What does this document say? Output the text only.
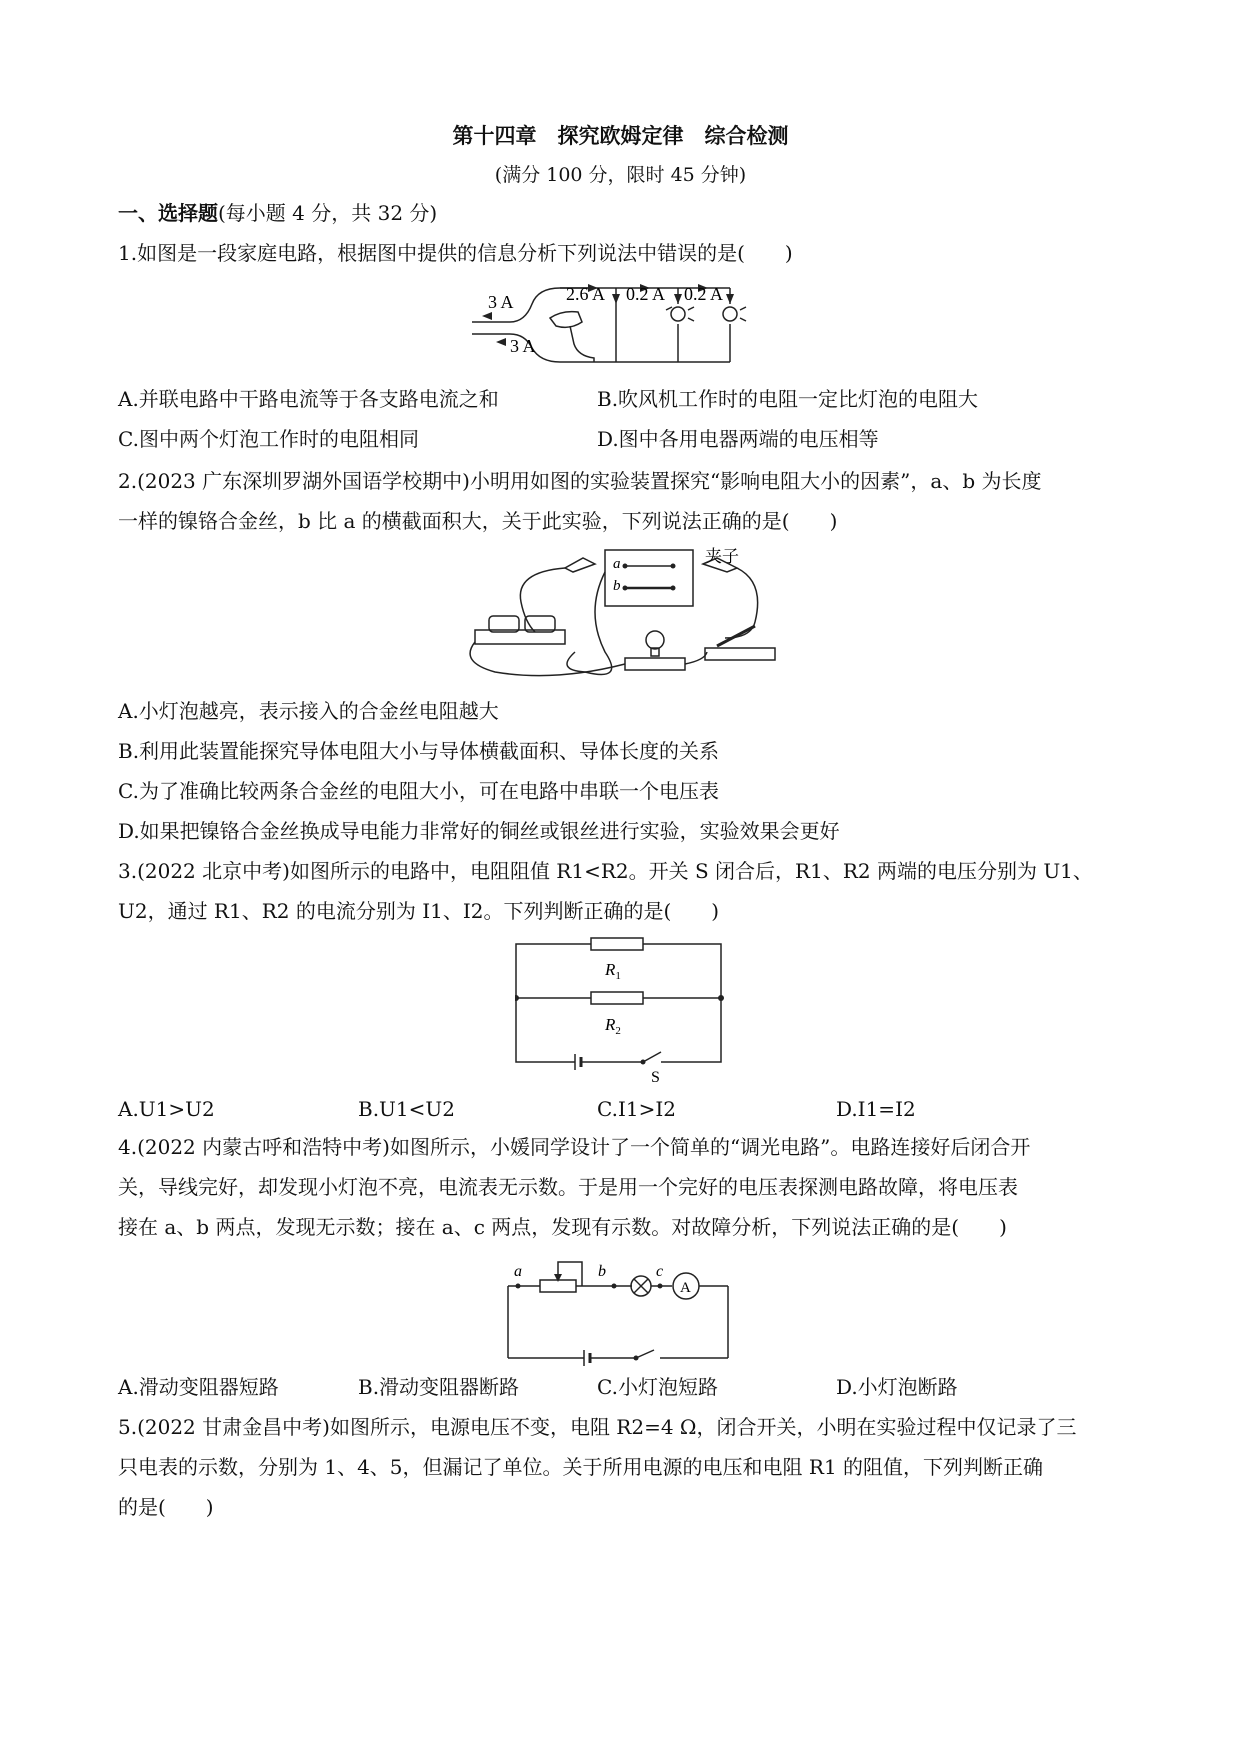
第十四章　探究欧姆定律　综合检测
(满分 100 分，限时 45 分钟)
一、选择题(每小题 4 分，共 32 分)
1.如图是一段家庭电路，根据图中提供的信息分析下列说法中错误的是(　　)
3 A	2.6 A 0.2 A 0.2 A
3 A
A.并联电路中干路电流等于各支路电流之和	B.吹风机工作时的电阻一定比灯泡的电阻大
C.图中两个灯泡工作时的电阻相同	D.图中各用电器两端的电压相等
2.(2023 广东深圳罗湖外国语学校期中)小明用如图的实验装置探究“影响电阻大小的因素”，a、b 为长度
一样的镍铬合金丝，b 比 a 的横截面积大，关于此实验，下列说法正确的是(　　)
a
b
夹子
A.小灯泡越亮，表示接入的合金丝电阻越大
B.利用此装置能探究导体电阻大小与导体横截面积、导体长度的关系
C.为了准确比较两条合金丝的电阻大小，可在电路中串联一个电压表
D.如果把镍铬合金丝换成导电能力非常好的铜丝或银丝进行实验，实验效果会更好
3.(2022 北京中考)如图所示的电路中，电阻阻值 R1<R2。开关 S 闭合后，R1、R2 两端的电压分别为 U1、
U2，通过 R1、R2 的电流分别为 I1、I2。下列判断正确的是(　　)
$R_1$
$R_2$
S
A.U1>U2	B.U1<U2	C.I1>I2	D.I1=I2
4.(2022 内蒙古呼和浩特中考)如图所示，小媛同学设计了一个简单的“调光电路”。电路连接好后闭合开
关，导线完好，却发现小灯泡不亮，电流表无示数。于是用一个完好的电压表探测电路故障，将电压表
接在 a、b 两点，发现无示数；接在 a、c 两点，发现有示数。对故障分析，下列说法正确的是(　　)
a	b	c
A
A.滑动变阻器短路	B.滑动变阻器断路	C.小灯泡短路	D.小灯泡断路
5.(2022 甘肃金昌中考)如图所示，电源电压不变，电阻 R2=4 Ω，闭合开关，小明在实验过程中仅记录了三
只电表的示数，分别为 1、4、5，但漏记了单位。关于所用电源的电压和电阻 R1 的阻值，下列判断正确
的是(　　)
